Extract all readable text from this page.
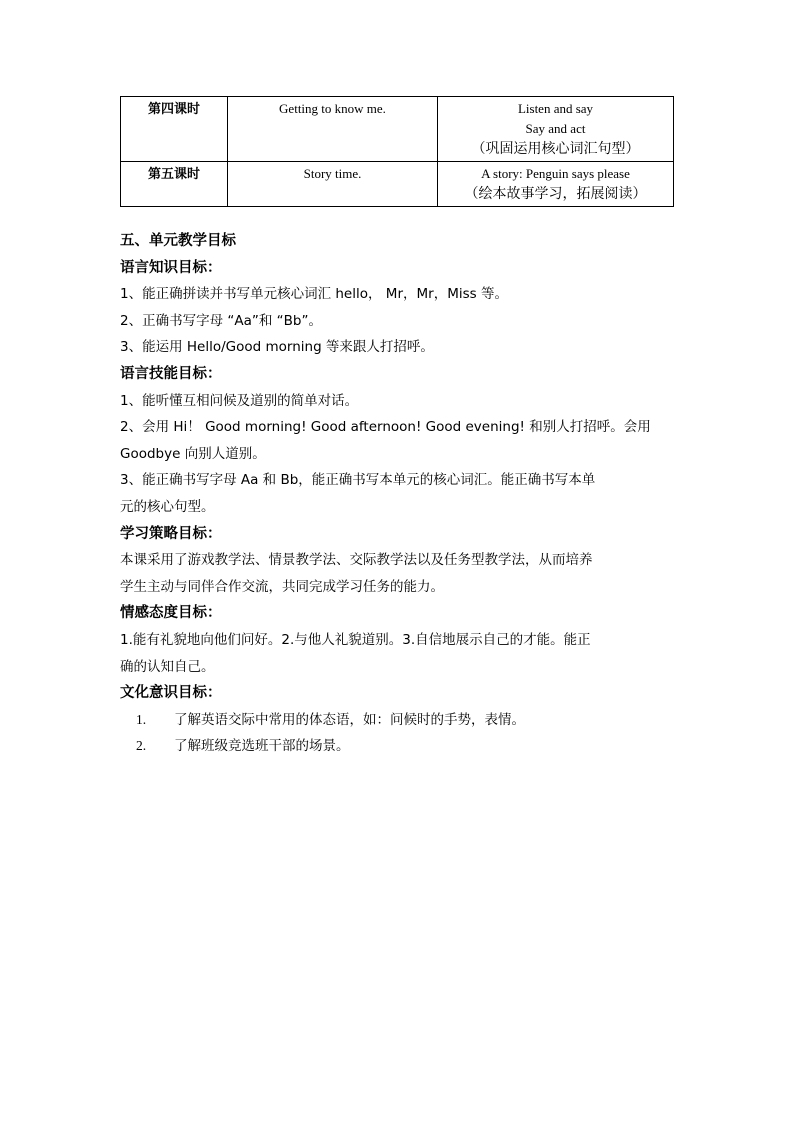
第四课时	Getting to know me.	Listen and say
Say and act
（巩固运用核心词汇句型）

第五课时	Story time.	A story: Penguin says please
（绘本故事学习，拓展阅读）

五、单元教学目标

语言知识目标：

1、能正确拼读并书写单元核心词汇 hello， Mr，Mr，Miss 等。

2、正确书写字母 “Aa”和 “Bb”。

3、能运用 Hello/Good morning 等来跟人打招呼。

语言技能目标：

1、能听懂互相问候及道别的简单对话。

2、会用 Hi！ Good morning! Good afternoon! Good evening! 和别人打招呼。会用

Goodbye 向别人道别。

3、能正确书写字母 Aa 和 Bb，能正确书写本单元的核心词汇。能正确书写本单

元的核心句型。

学习策略目标：

本课采用了游戏教学法、情景教学法、交际教学法以及任务型教学法，从而培养

学生主动与同伴合作交流，共同完成学习任务的能力。

情感态度目标：

1.能有礼貌地向他们问好。2.与他人礼貌道别。3.自信地展示自己的才能。能正

确的认知自己。

文化意识目标：

1. 了解英语交际中常用的体态语，如：问候时的手势，表情。

2. 了解班级竞选班干部的场景。
